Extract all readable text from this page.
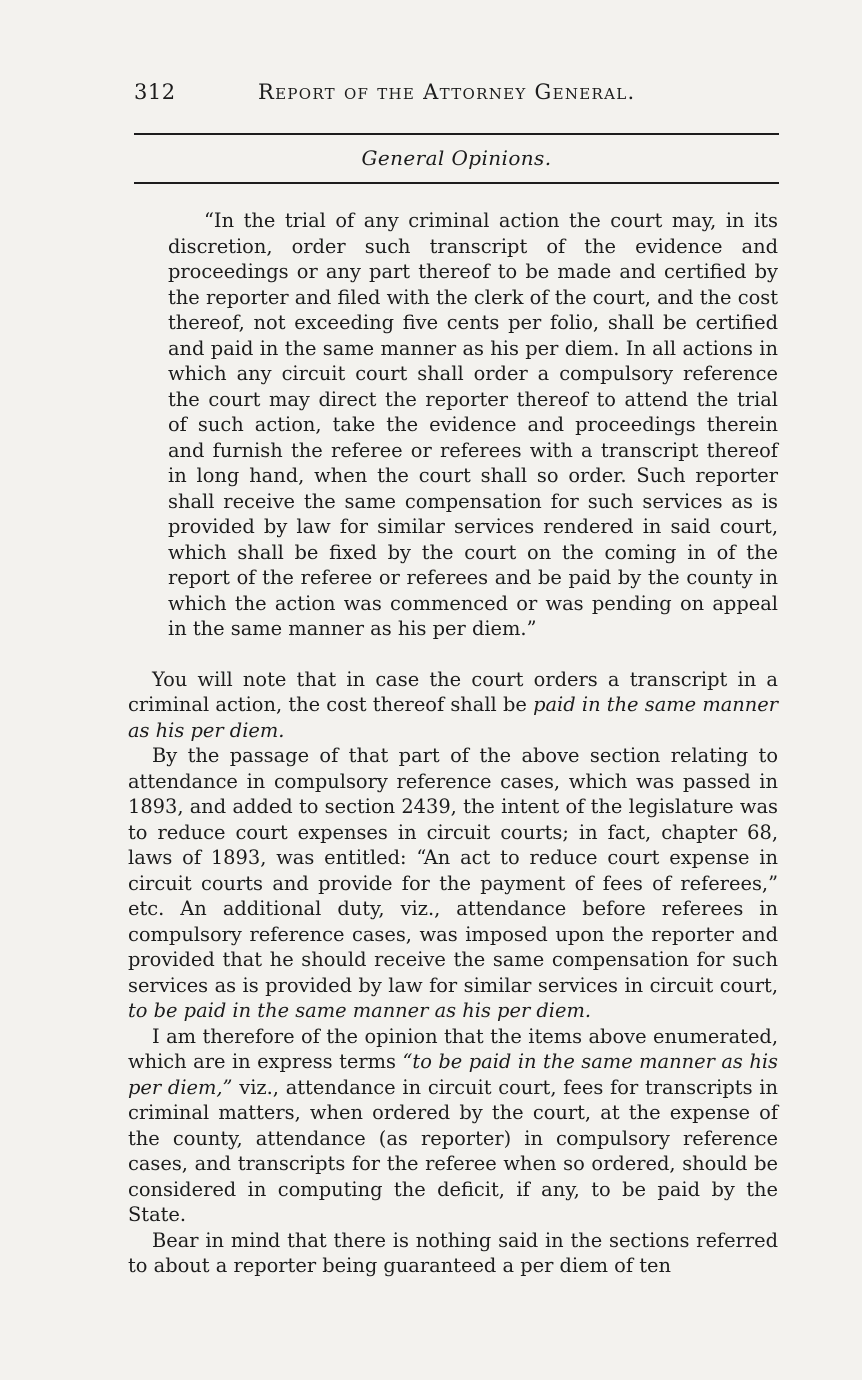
312	Report of the Attorney General.
General Opinions.

“In the trial of any criminal action the court may, in its discretion, order such transcript of the evidence and proceedings or any part thereof to be made and certified by the reporter and filed with the clerk of the court, and the cost thereof, not exceeding five cents per folio, shall be certified and paid in the same manner as his per diem. In all actions in which any circuit court shall order a compulsory reference the court may direct the reporter thereof to attend the trial of such action, take the evidence and proceedings therein and furnish the referee or referees with a transcript thereof in long hand, when the court shall so order. Such reporter shall receive the same compensation for such services as is provided by law for similar services rendered in said court, which shall be fixed by the court on the coming in of the report of the referee or referees and be paid by the county in which the action was commenced or was pending on appeal in the same manner as his per diem.”

You will note that in case the court orders a transcript in a criminal action, the cost thereof shall be paid in the same manner as his per diem.

By the passage of that part of the above section relating to attendance in compulsory reference cases, which was passed in 1893, and added to section 2439, the intent of the legislature was to reduce court expenses in circuit courts; in fact, chapter 68, laws of 1893, was entitled: “An act to reduce court expense in circuit courts and provide for the payment of fees of referees,” etc. An additional duty, viz., attendance before referees in compulsory reference cases, was imposed upon the reporter and provided that he should receive the same compensation for such services as is provided by law for similar services in circuit court, to be paid in the same manner as his per diem.

I am therefore of the opinion that the items above enumerated, which are in express terms “to be paid in the same manner as his per diem,” viz., attendance in circuit court, fees for transcripts in criminal matters, when ordered by the court, at the expense of the county, attendance (as reporter) in compulsory reference cases, and transcripts for the referee when so ordered, should be considered in computing the deficit, if any, to be paid by the State.

Bear in mind that there is nothing said in the sections referred to about a reporter being guaranteed a per diem of ten
